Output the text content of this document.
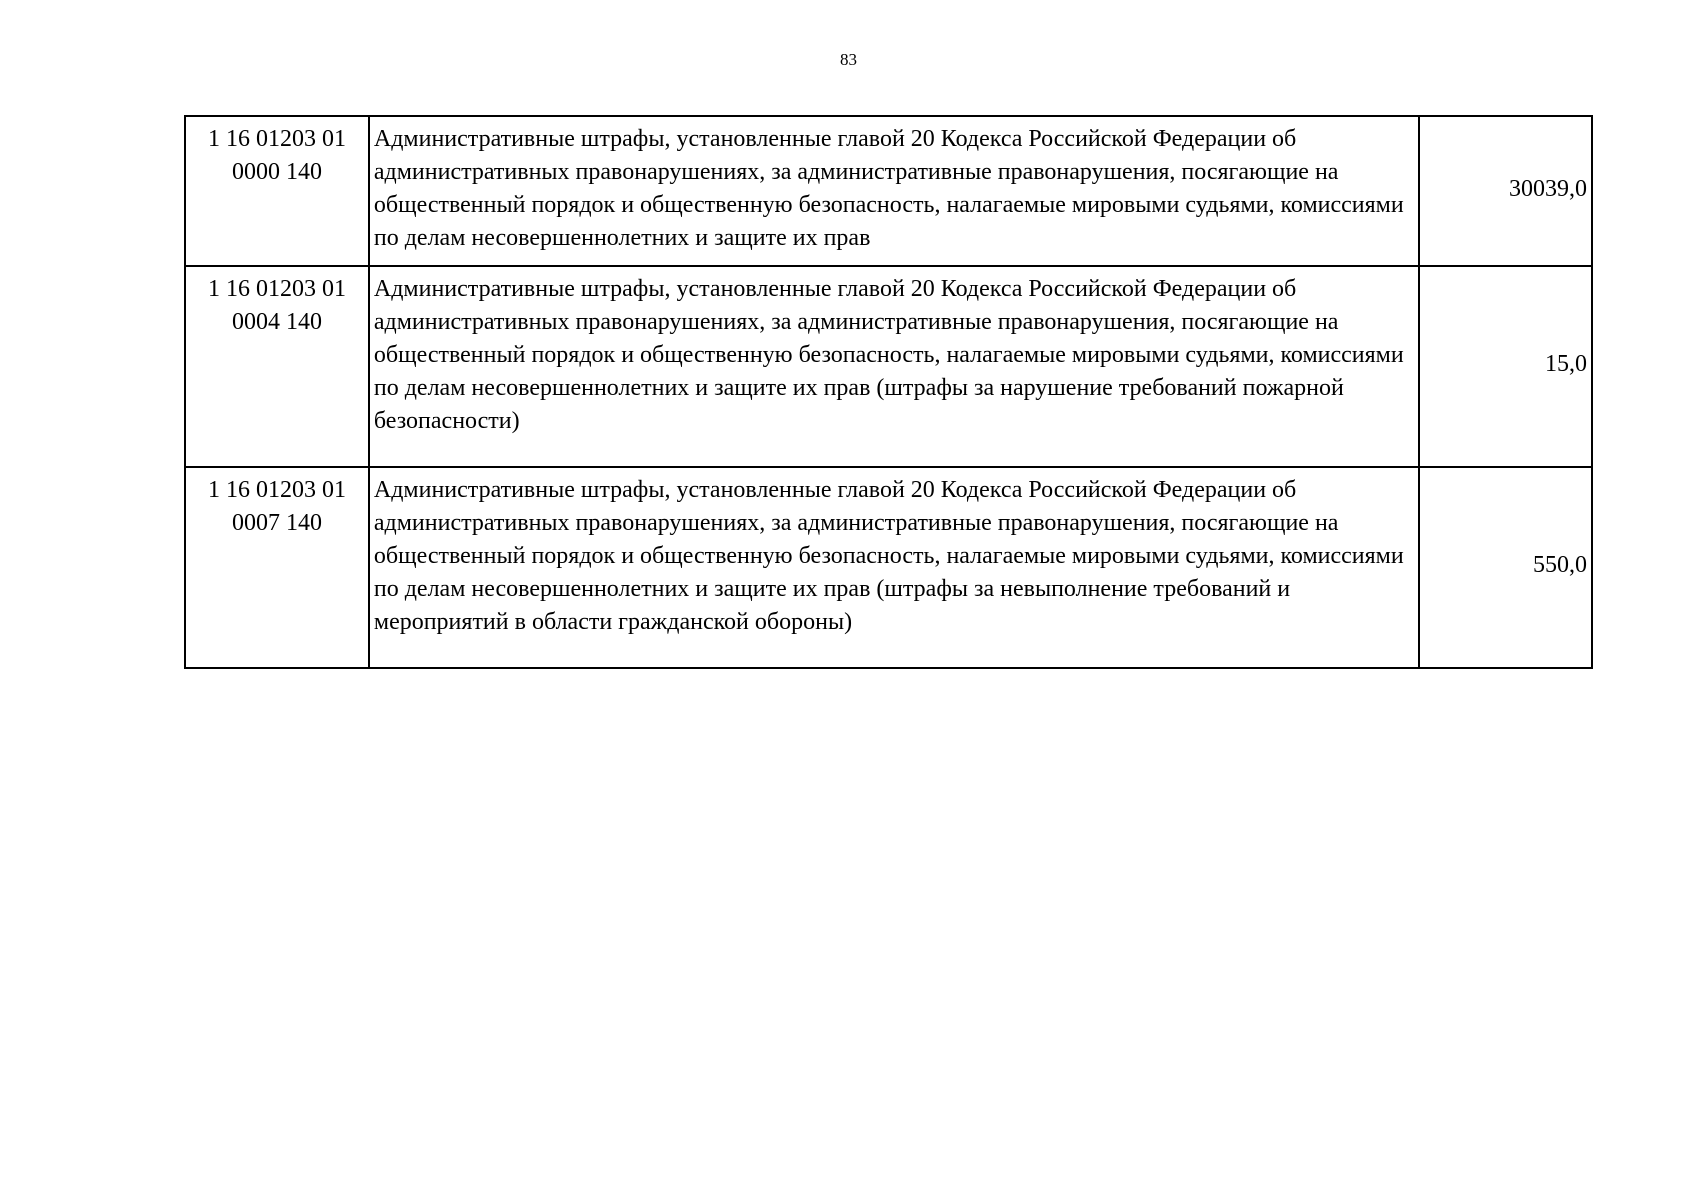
83
1 16 01203 01
0000 140	Административные штрафы, установленные главой 20 Кодекса Российской Федерации об административных правонарушениях, за административные правонарушения, посягающие на общественный порядок и общественную безопасность, налагаемые мировыми судьями, комиссиями по делам несовершеннолетних и защите их прав	30039,0

1 16 01203 01
0004 140	Административные штрафы, установленные главой 20 Кодекса Российской Федерации об административных правонарушениях, за административные правонарушения, посягающие на общественный порядок и общественную безопасность, налагаемые мировыми судьями, комиссиями по делам несовершеннолетних и защите их прав (штрафы за нарушение требований пожарной безопасности)	15,0

1 16 01203 01
0007 140	Административные штрафы, установленные главой 20 Кодекса Российской Федерации об административных правонарушениях, за административные правонарушения, посягающие на общественный порядок и общественную безопасность, налагаемые мировыми судьями, комиссиями по делам несовершеннолетних и защите их прав (штрафы за невыполнение требований и мероприятий в области гражданской обороны)	550,0
